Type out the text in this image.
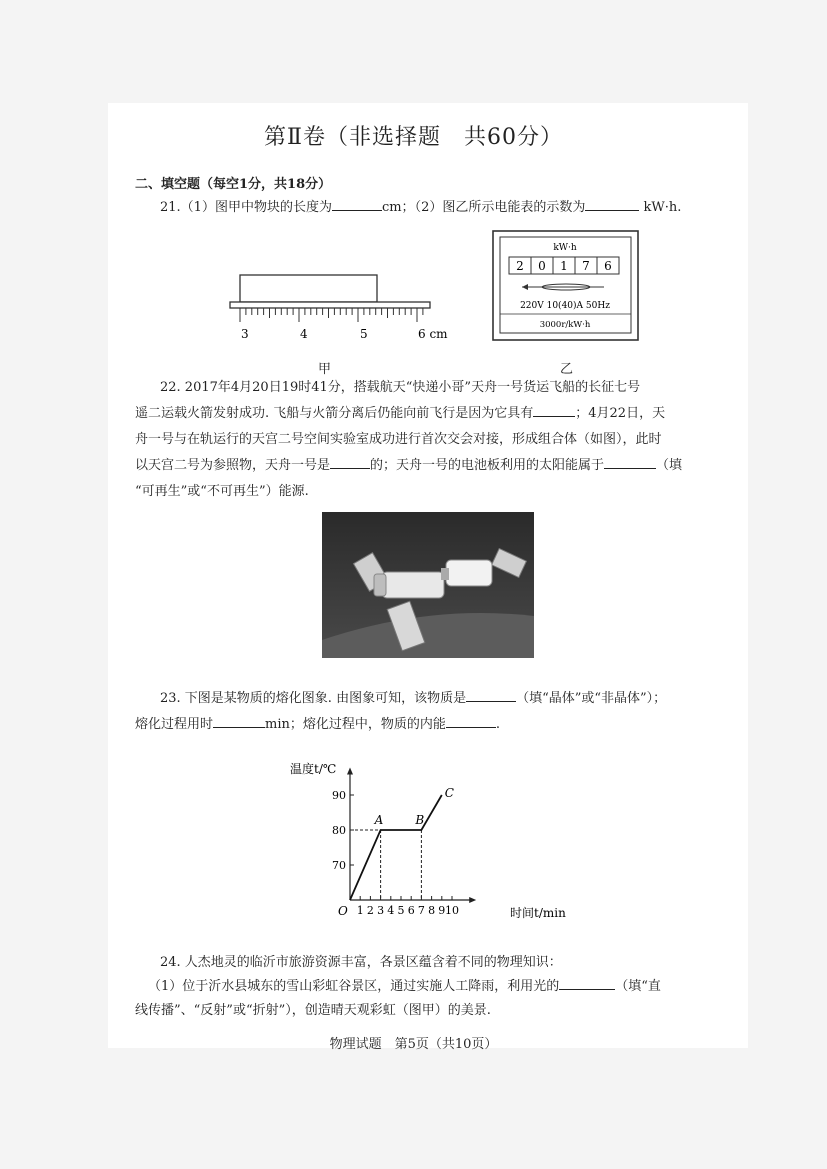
第Ⅱ卷（非选择题　共60分）
二、填空题（每空1分，共18分）
21.（1）图甲中物块的长度为	cm；（2）图乙所示电能表的示数为	kW·h.
3	4	5	6 cm
甲
kW·h
2 0 1 7 6
220V 10(40)A 50Hz
3000r/kW·h
乙
22. 2017年4月20日19时41分，搭载航天“快递小哥”天舟一号货运飞船的长征七号
遥二运载火箭发射成功. 飞船与火箭分离后仍能向前飞行是因为它具有	；4月22日，天
舟一号与在轨运行的天宫二号空间实验室成功进行首次交会对接，形成组合体（如图），此时
以天宫二号为参照物，天舟一号是	的；天舟一号的电池板利用的太阳能属于	（填
“可再生”或“不可再生”）能源.
23. 下图是某物质的熔化图象. 由图象可知，该物质是	（填“晶体”或“非晶体”）；
熔化过程用时	min；熔化过程中，物质的内能	.
温度t/℃
时间t/min
O 1 2 3 4 5 6 7 8 9 10
70
80
90
A	B
C
24. 人杰地灵的临沂市旅游资源丰富，各景区蕴含着不同的物理知识：
（1）位于沂水县城东的雪山彩虹谷景区，通过实施人工降雨，利用光的	（填“直
线传播”、“反射”或“折射”），创造晴天观彩虹（图甲）的美景.
物理试题　第5页（共10页）
